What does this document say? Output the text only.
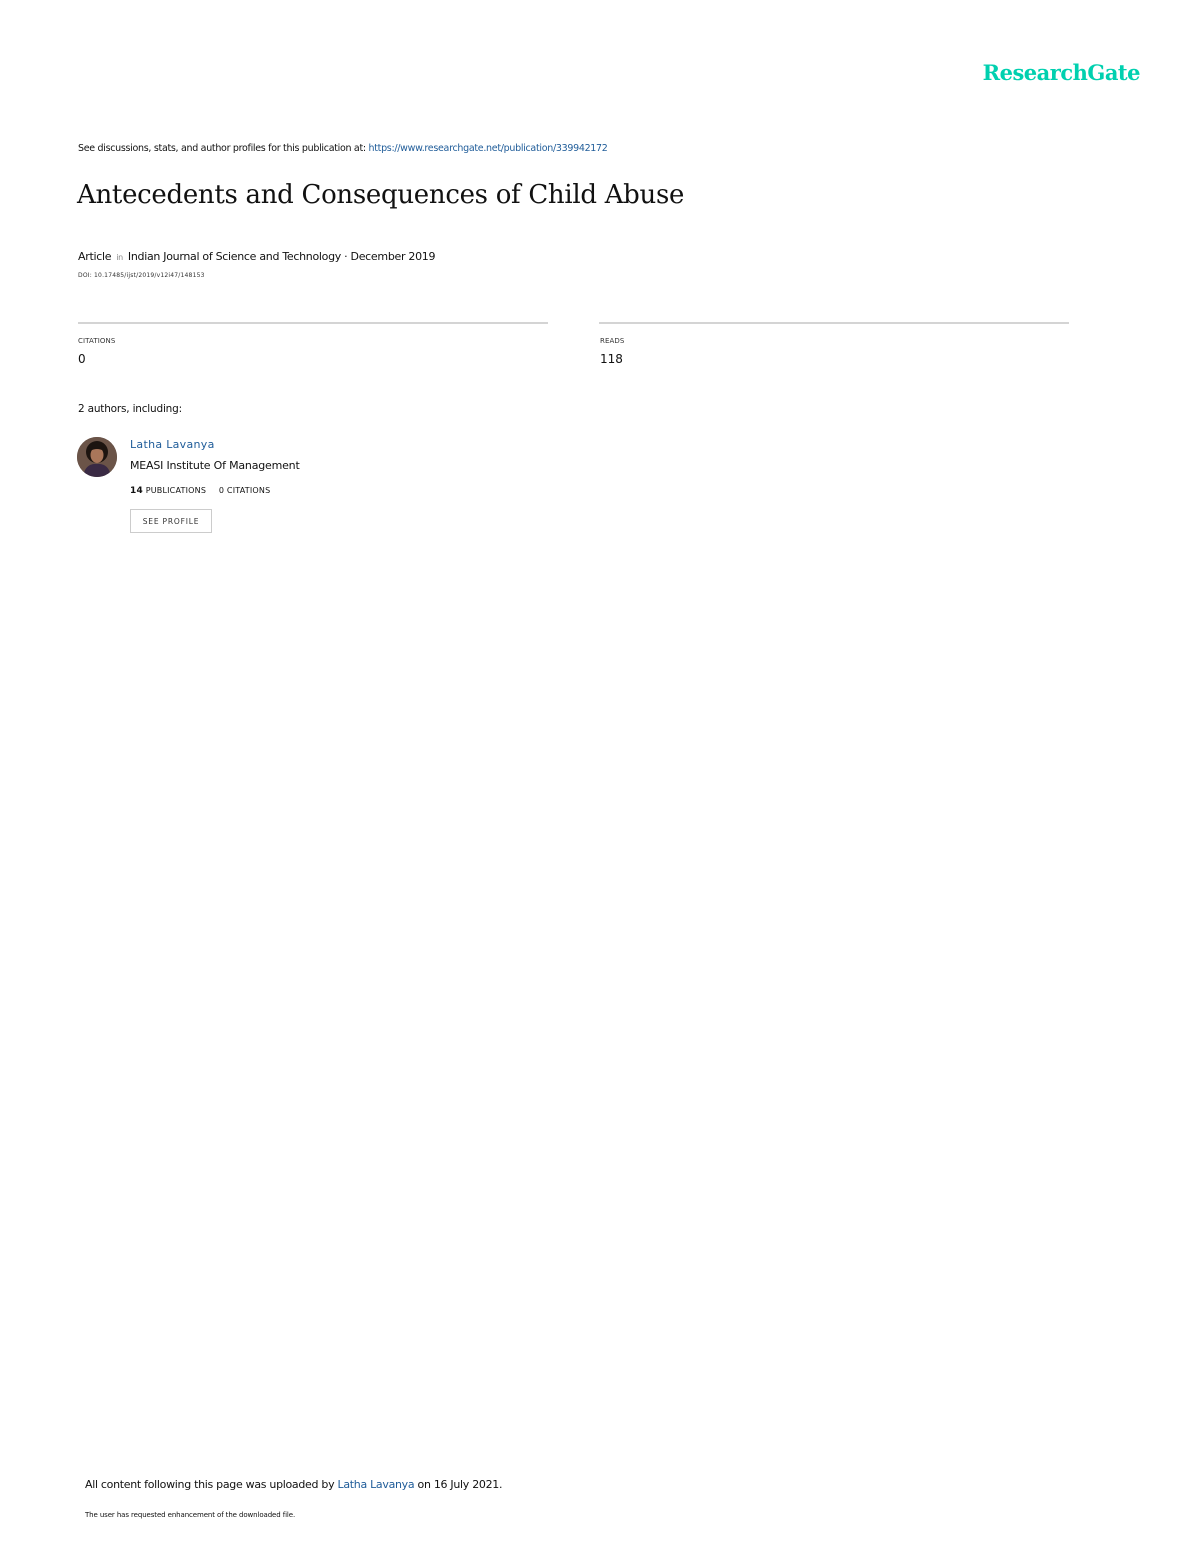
ResearchGate
See discussions, stats, and author profiles for this publication at: https://www.researchgate.net/publication/339942172
Antecedents and Consequences of Child Abuse
Article in Indian Journal of Science and Technology · December 2019
DOI: 10.17485/ijst/2019/v12i47/148153
CITATIONS
0
READS
118
2 authors, including:
Latha Lavanya
MEASI Institute Of Management
14 PUBLICATIONS 0 CITATIONS
SEE PROFILE
All content following this page was uploaded by Latha Lavanya on 16 July 2021.
The user has requested enhancement of the downloaded file.
